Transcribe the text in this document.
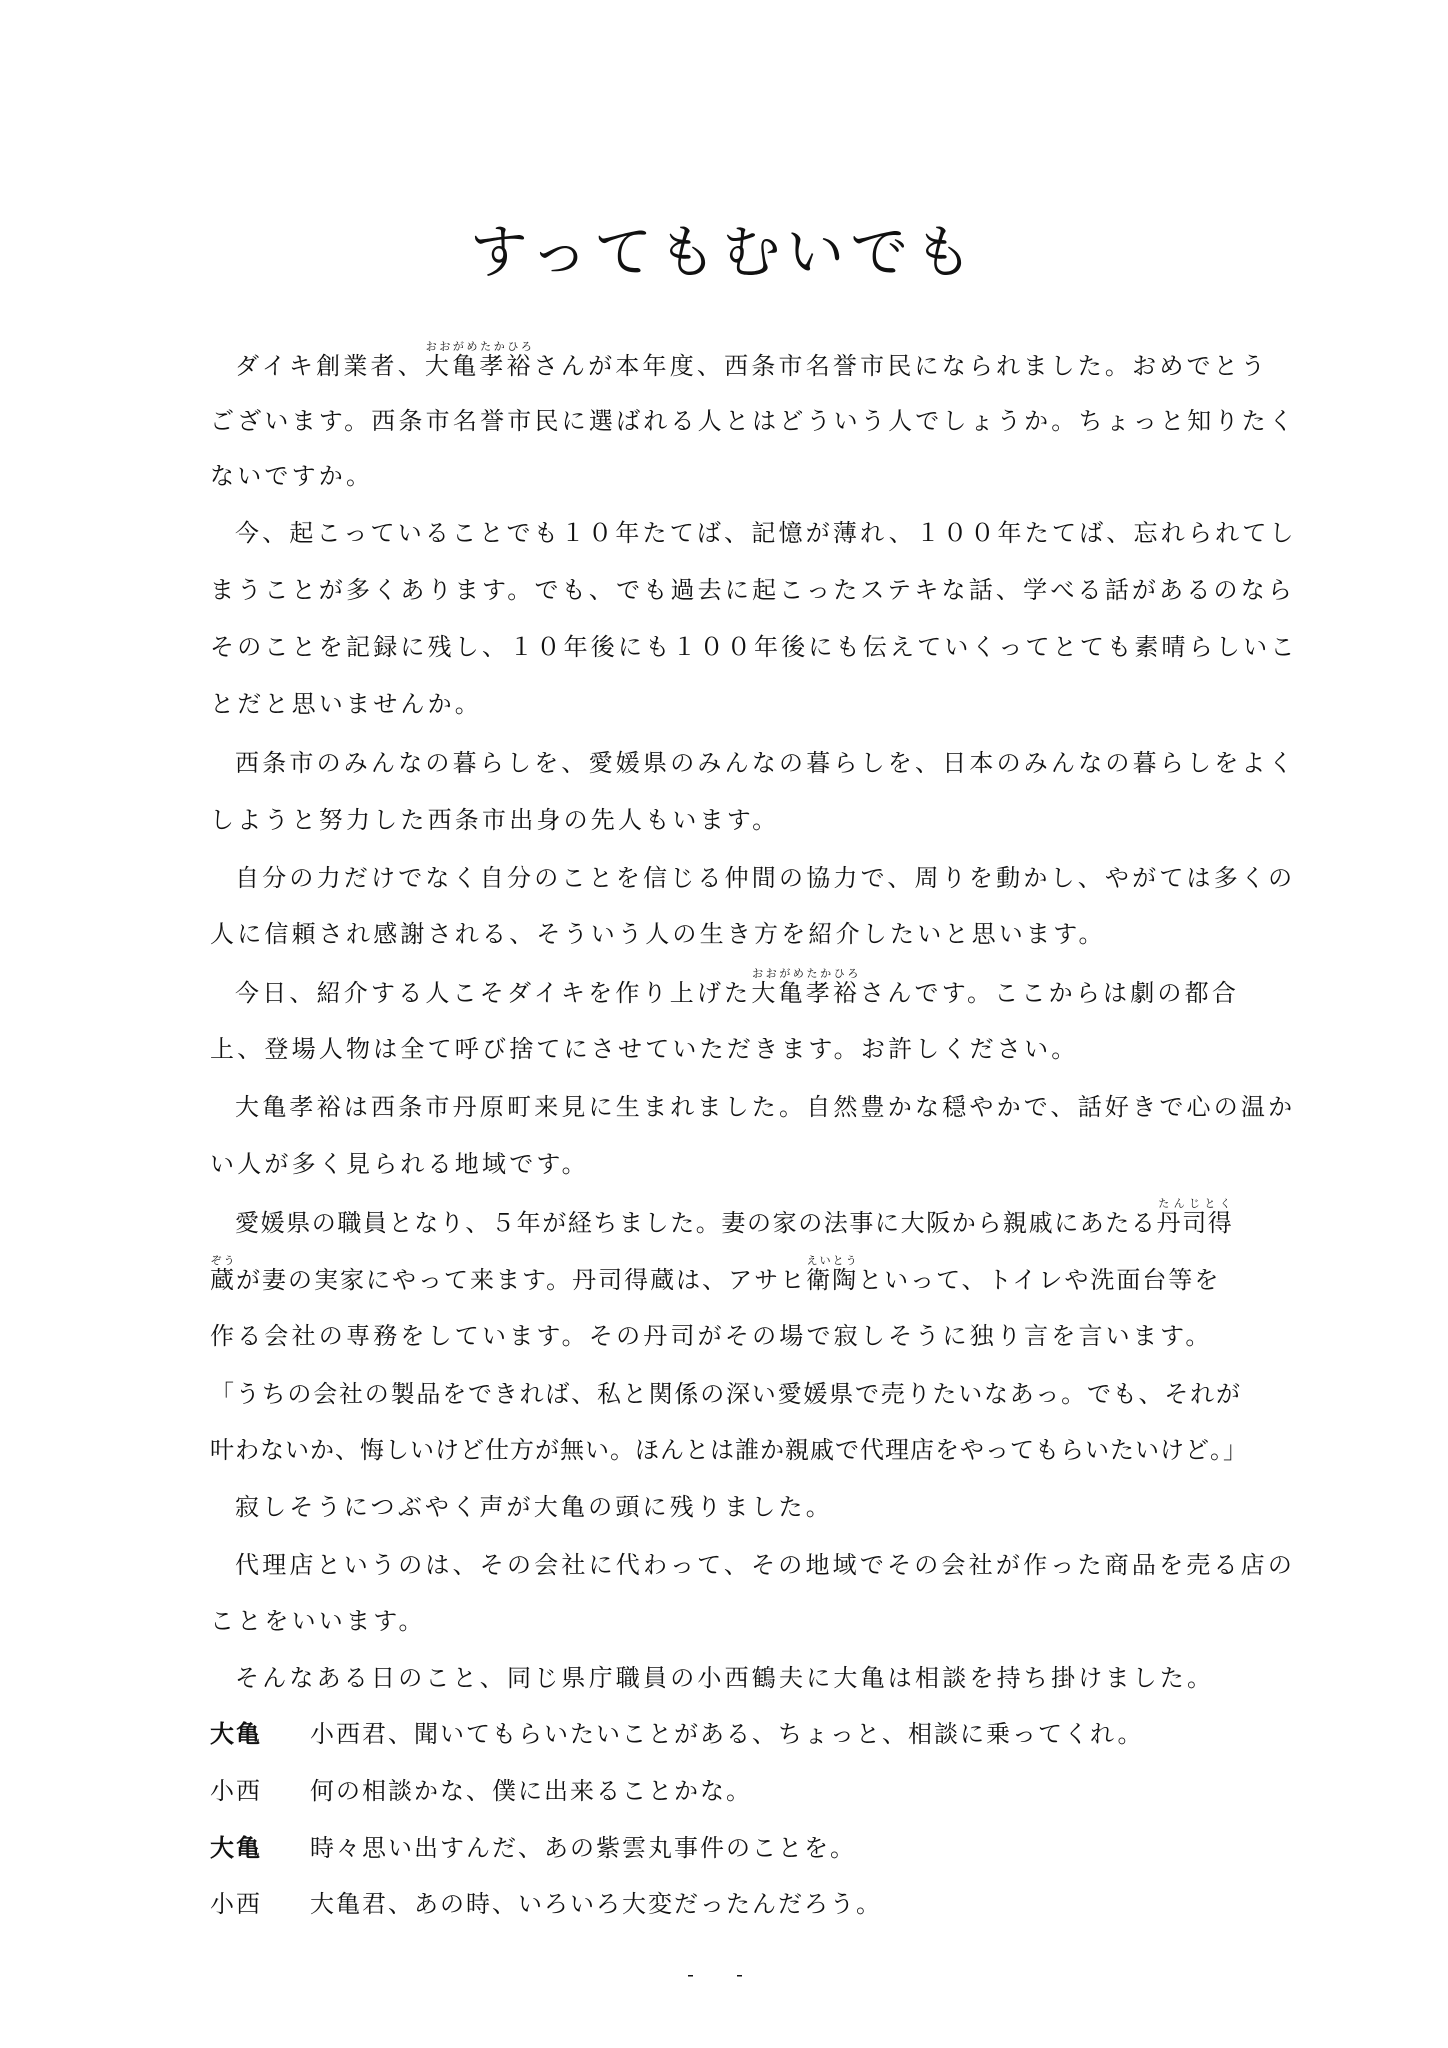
すってもむいでも
ダイキ創業者、大亀孝裕おおがめたかひろさんが本年度、西条市名誉市民になられました。おめでとう
ございます。西条市名誉市民に選ばれる人とはどういう人でしょうか。ちょっと知りたく
ないですか。
今、起こっていることでも１０年たてば、記憶が薄れ、１００年たてば、忘れられてし
まうことが多くあります。でも、でも過去に起こったステキな話、学べる話があるのなら
そのことを記録に残し、１０年後にも１００年後にも伝えていくってとても素晴らしいこ
とだと思いませんか。
西条市のみんなの暮らしを、愛媛県のみんなの暮らしを、日本のみんなの暮らしをよく
しようと努力した西条市出身の先人もいます。
自分の力だけでなく自分のことを信じる仲間の協力で、周りを動かし、やがては多くの
人に信頼され感謝される、そういう人の生き方を紹介したいと思います。
今日、紹介する人こそダイキを作り上げた大亀孝裕おおがめたかひろさんです。ここからは劇の都合
上、登場人物は全て呼び捨てにさせていただきます。お許しください。
大亀孝裕は西条市丹原町来見に生まれました。自然豊かな穏やかで、話好きで心の温か
い人が多く見られる地域です。
愛媛県の職員となり、５年が経ちました。妻の家の法事に大阪から親戚にあたる丹司得たんじとく
蔵ぞうが妻の実家にやって来ます。丹司得蔵は、アサヒ衛陶えいとうといって、トイレや洗面台等を
作る会社の専務をしています。その丹司がその場で寂しそうに独り言を言います。
「うちの会社の製品をできれば、私と関係の深い愛媛県で売りたいなあっ。でも、それが
叶わないか、悔しいけど仕方が無い。ほんとは誰か親戚で代理店をやってもらいたいけど。」
寂しそうにつぶやく声が大亀の頭に残りました。
代理店というのは、その会社に代わって、その地域でその会社が作った商品を売る店の
ことをいいます。
そんなある日のこと、同じ県庁職員の小西鶴夫に大亀は相談を持ち掛けました。
大亀 小西君、聞いてもらいたいことがある、ちょっと、相談に乗ってくれ。
小西 何の相談かな、僕に出来ることかな。
大亀 時々思い出すんだ、あの紫雲丸事件のことを。
小西 大亀君、あの時、いろいろ大変だったんだろう。
- -
